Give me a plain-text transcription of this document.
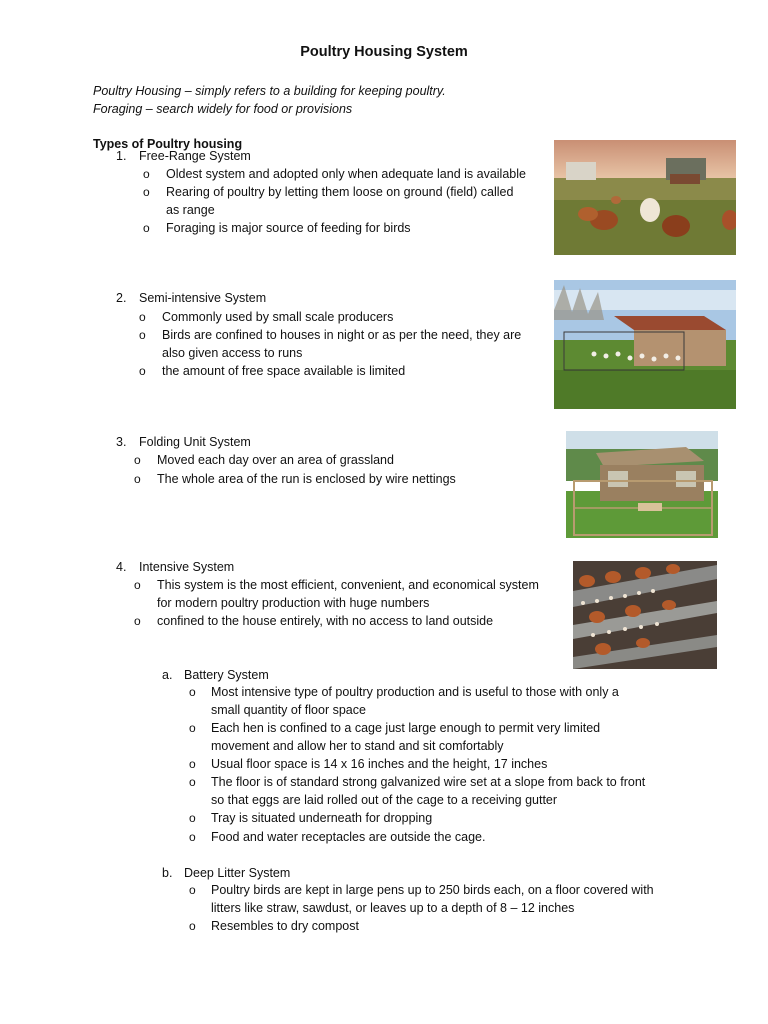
Poultry Housing System
Poultry Housing – simply refers to a building for keeping poultry.
Foraging – search widely for food or provisions
Types of Poultry housing
1. Free-Range System
o Oldest system and adopted only when adequate land is available
o Rearing of poultry by letting them loose on ground (field) called
as range
o Foraging is major source of feeding for birds
2. Semi-intensive System
o Commonly used by small scale producers
o Birds are confined to houses in night or as per the need, they are
also given access to runs
o the amount of free space available is limited
3. Folding Unit System
o Moved each day over an area of grassland
o The whole area of the run is enclosed by wire nettings
4. Intensive System
o This system is the most efficient, convenient, and economical system
for modern poultry production with huge numbers
o confined to the house entirely, with no access to land outside
a. Battery System
o Most intensive type of poultry production and is useful to those with only a
small quantity of floor space
o Each hen is confined to a cage just large enough to permit very limited
movement and allow her to stand and sit comfortably
o Usual floor space is 14 x 16 inches and the height, 17 inches
o The floor is of standard strong galvanized wire set at a slope from back to front
so that eggs are laid rolled out of the cage to a receiving gutter
o Tray is situated underneath for dropping
o Food and water receptacles are outside the cage.
b. Deep Litter System
o Poultry birds are kept in large pens up to 250 birds each, on a floor covered with
litters like straw, sawdust, or leaves up to a depth of 8 – 12 inches
o Resembles to dry compost
